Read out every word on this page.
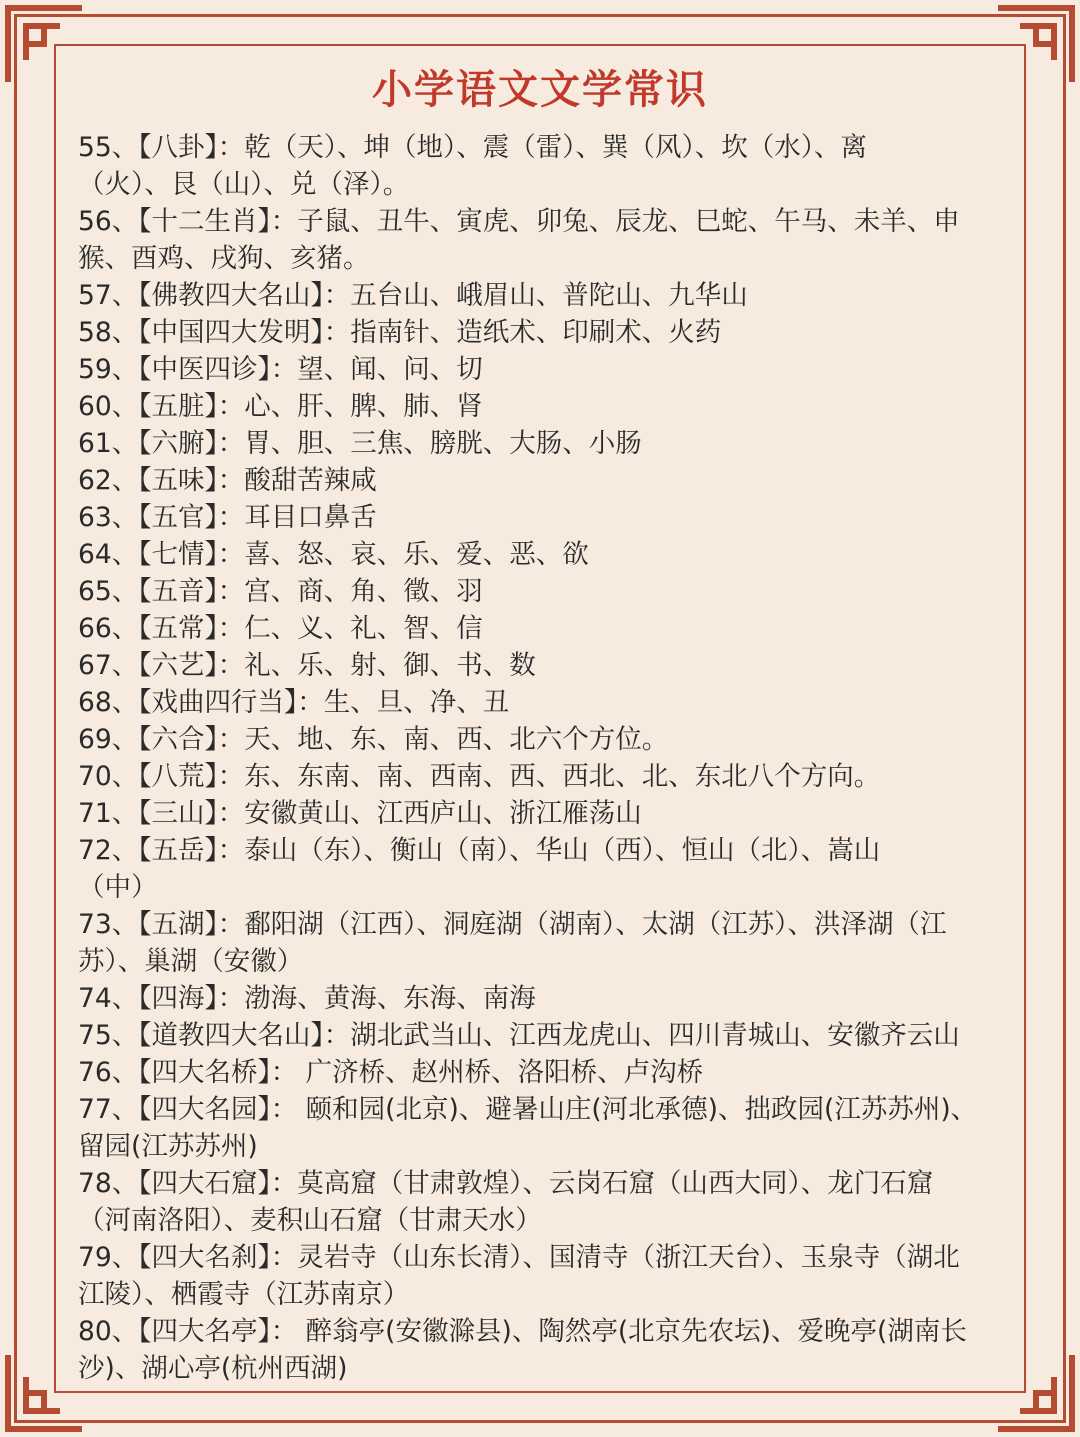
小学语文文学常识
55、【八卦】：乾（天）、坤（地）、震（雷）、巽（风）、坎（水）、离
（火）、艮（山）、兑（泽）。
56、【十二生肖】：子鼠、丑牛、寅虎、卯兔、辰龙、巳蛇、午马、未羊、申
猴、酉鸡、戌狗、亥猪。
57、【佛教四大名山】：五台山、峨眉山、普陀山、九华山
58、【中国四大发明】：指南针、造纸术、印刷术、火药
59、【中医四诊】：望、闻、问、切
60、【五脏】：心、肝、脾、肺、肾
61、【六腑】：胃、胆、三焦、膀胱、大肠、小肠
62、【五味】：酸甜苦辣咸
63、【五官】：耳目口鼻舌
64、【七情】：喜、怒、哀、乐、爱、恶、欲
65、【五音】：宫、商、角、徵、羽
66、【五常】：仁、义、礼、智、信
67、【六艺】：礼、乐、射、御、书、数
68、【戏曲四行当】：生、旦、净、丑
69、【六合】：天、地、东、南、西、北六个方位。
70、【八荒】：东、东南、南、西南、西、西北、北、东北八个方向。
71、【三山】：安徽黄山、江西庐山、浙江雁荡山
72、【五岳】：泰山（东）、衡山（南）、华山（西）、恒山（北）、嵩山
（中）
73、【五湖】：鄱阳湖（江西）、洞庭湖（湖南）、太湖（江苏）、洪泽湖（江
苏）、巢湖（安徽）
74、【四海】：渤海、黄海、东海、南海
75、【道教四大名山】：湖北武当山、江西龙虎山、四川青城山、安徽齐云山
76、【四大名桥】： 广济桥、赵州桥、洛阳桥、卢沟桥
77、【四大名园】： 颐和园(北京)、避暑山庄(河北承德)、拙政园(江苏苏州)、
留园(江苏苏州)
78、【四大石窟】：莫高窟（甘肃敦煌）、云岗石窟（山西大同）、龙门石窟
（河南洛阳）、麦积山石窟（甘肃天水）
79、【四大名刹】：灵岩寺（山东长清）、国清寺（浙江天台）、玉泉寺（湖北
江陵）、栖霞寺（江苏南京）
80、【四大名亭】： 醉翁亭(安徽滁县)、陶然亭(北京先农坛)、爱晚亭(湖南长
沙)、湖心亭(杭州西湖)
